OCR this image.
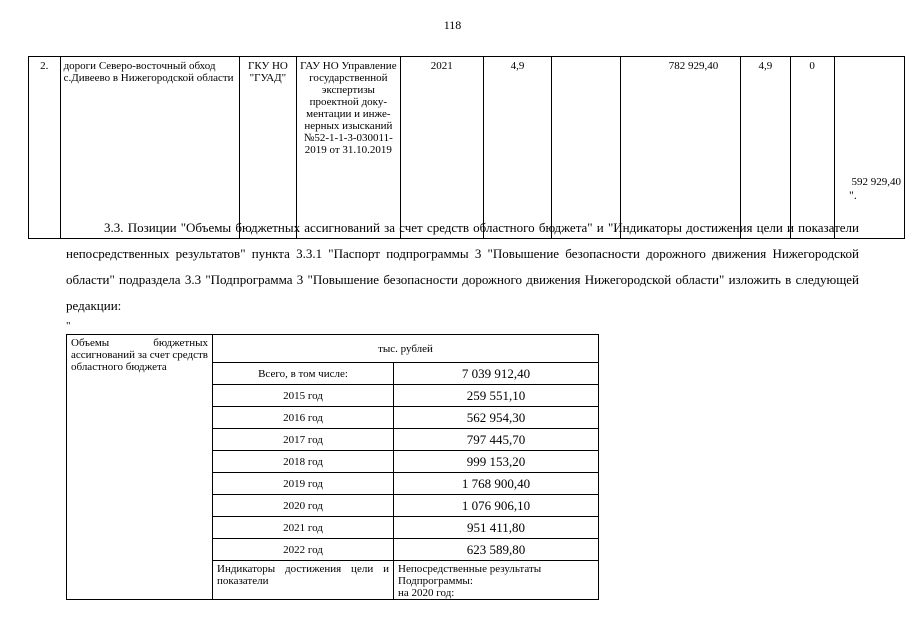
118
2.	дороги Северо-восточный обход с.Дивеево в Нижегородской области	ГКУ НО "ГУАД"	ГАУ НО Управление государственной экспертизы проектной документации и инженерных изысканий №52-1-1-3-030011-2019 от 31.10.2019	2021	4,9		782 929,40	4,9	0	592 929,40
".
3.3. Позиции "Объемы бюджетных ассигнований за счет средств областного бюджета" и "Индикаторы достижения цели и показатели непосредственных результатов" пункта 3.3.1 "Паспорт подпрограммы 3 "Повышение безопасности дорожного движения Нижегородской области" подраздела 3.3 "Подпрограмма 3 "Повышение безопасности дорожного движения Нижегородской области" изложить в следующей редакции:
"
Объемы бюджетных ассигнований за счет средств областного бюджета	тыс. рублей	
	Всего, в том числе:	7 039 912,40
	2015 год	259 551,10
	2016 год	562 954,30
	2017 год	797 445,70
	2018 год	999 153,20
	2019 год	1 768 900,40
	2020 год	1 076 906,10
	2021 год	951 411,80
	2022 год	623 589,80
	Индикаторы достижения цели и показатели	Непосредственные результаты Подпрограммы:
на 2020 год:
